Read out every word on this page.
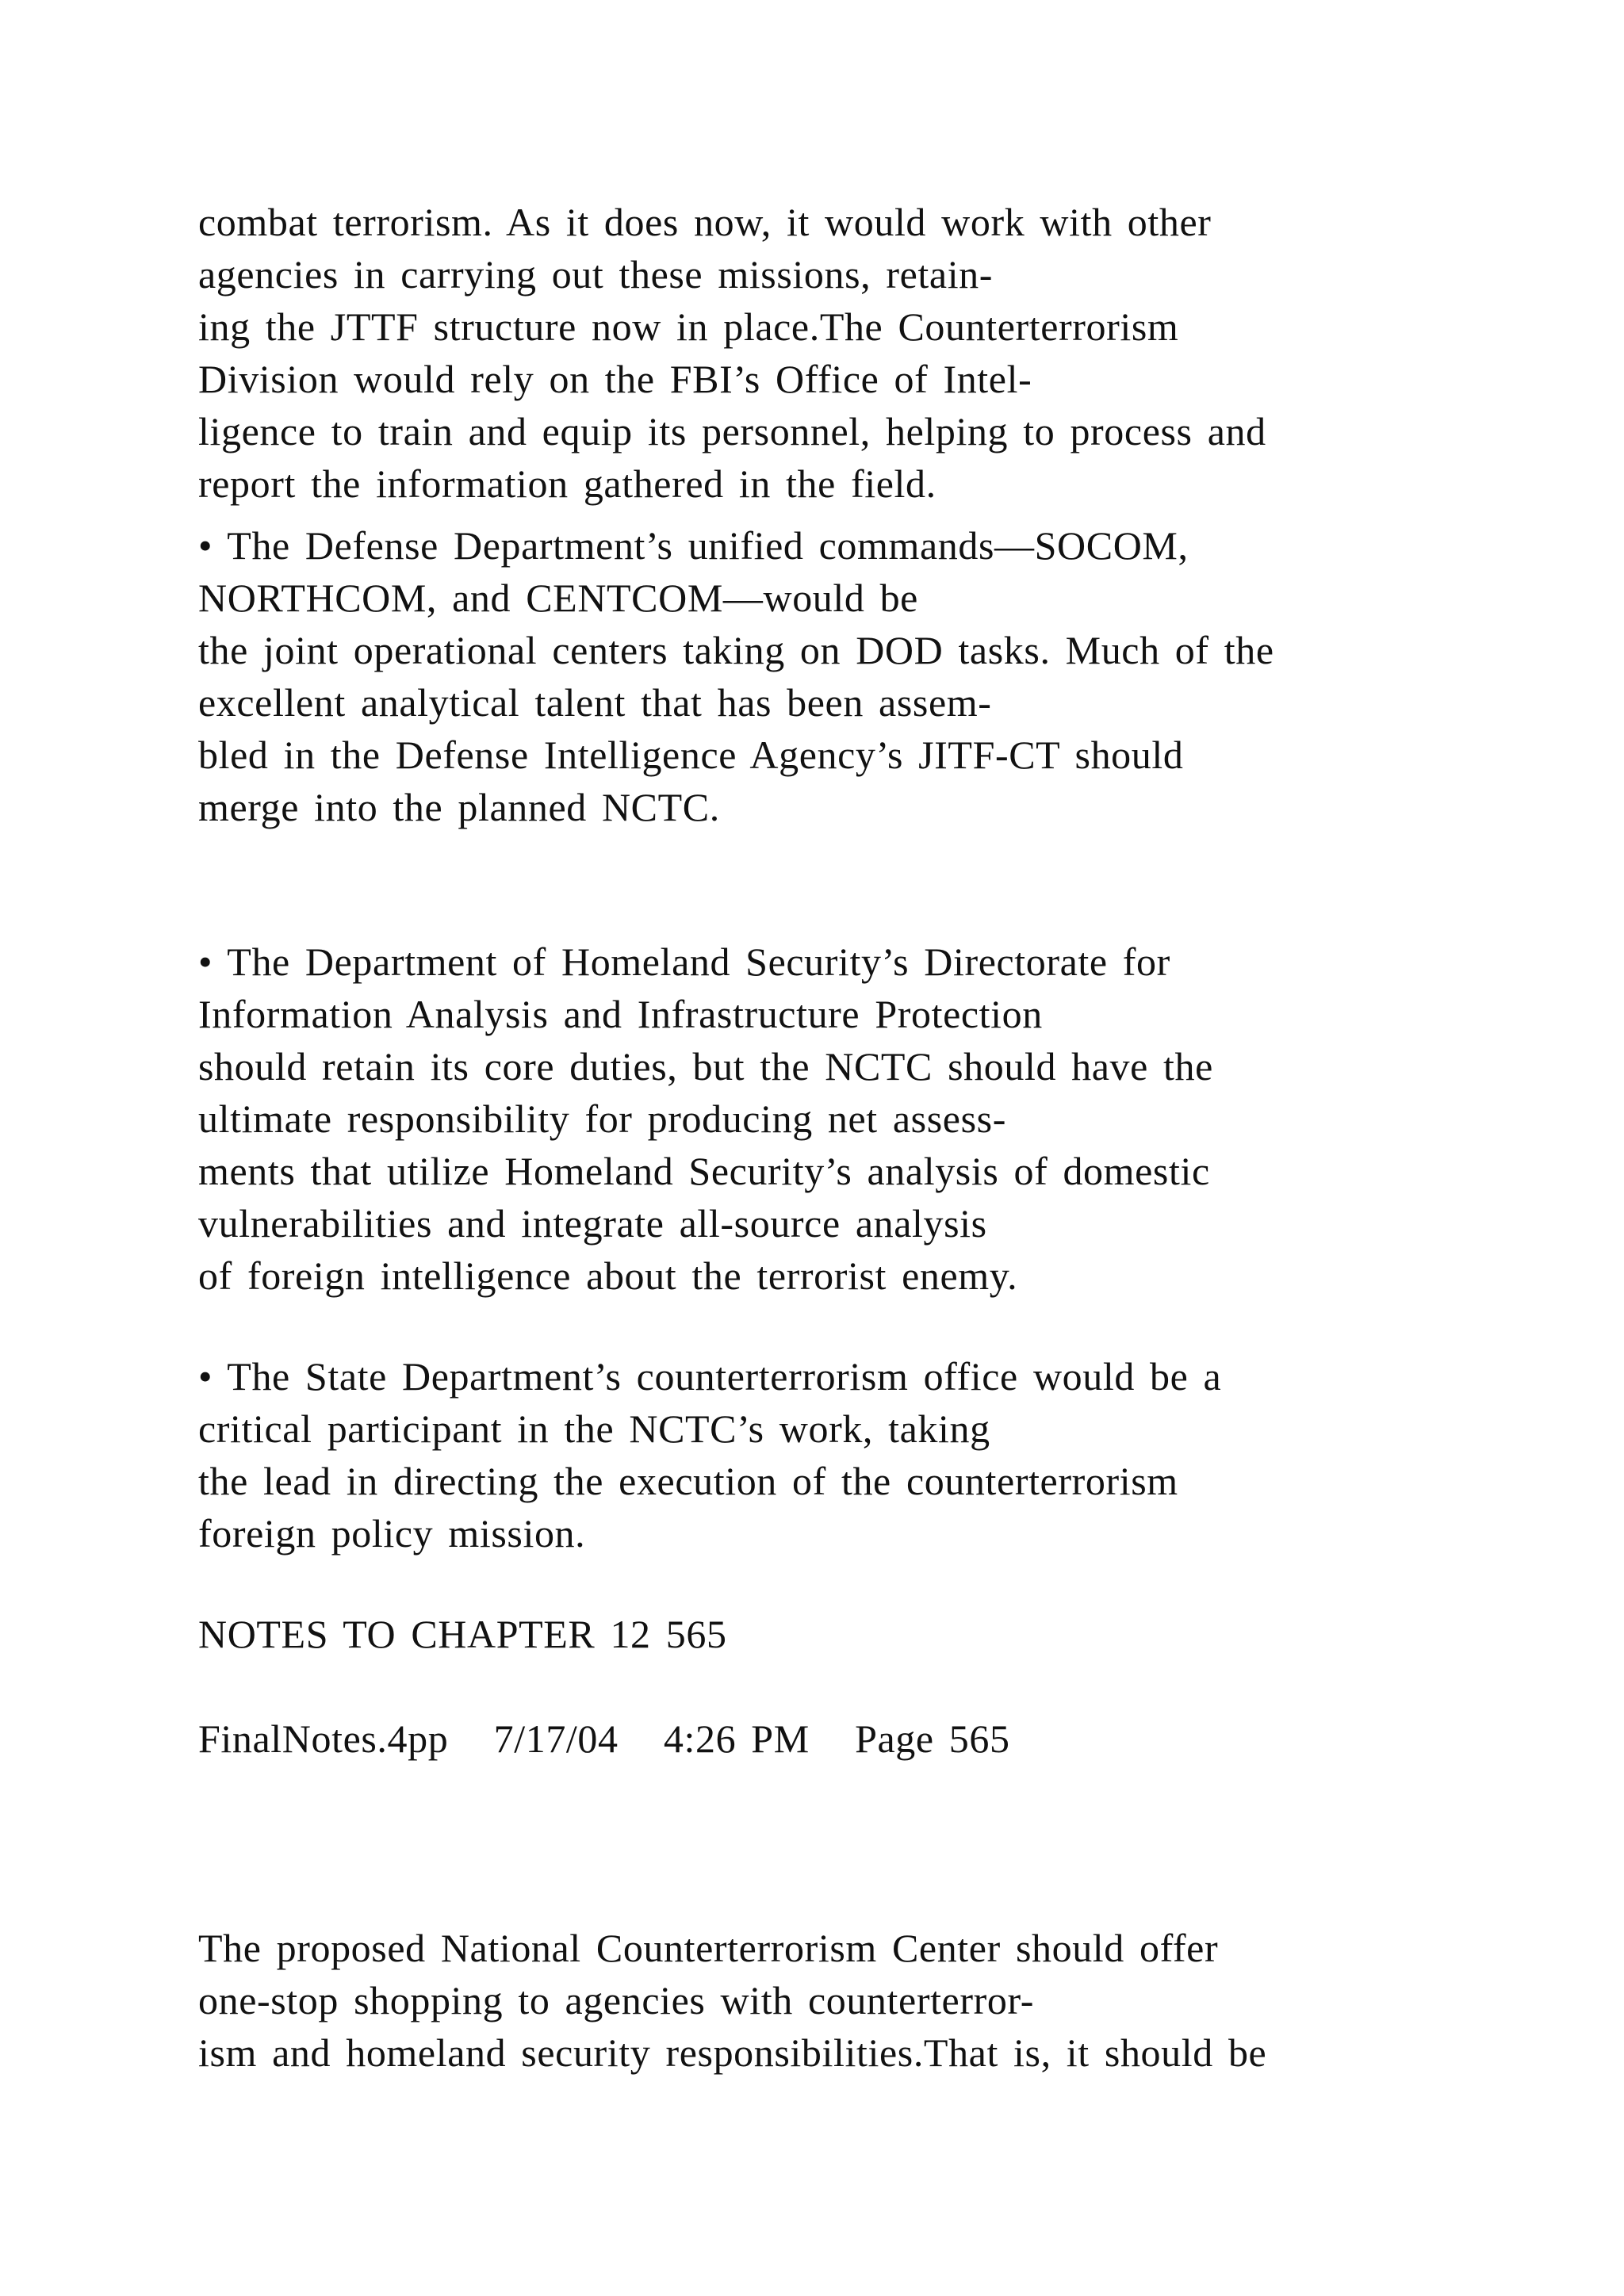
combat terrorism. As it does now, it would work with other
agencies in carrying out these missions, retain-
ing the JTTF structure now in place.The Counterterrorism
Division would rely on the FBI’s Office of Intel-
ligence to train and equip its personnel, helping to process and
report the information gathered in the field.
• The Defense Department’s unified commands—SOCOM,
NORTHCOM, and CENTCOM—would be
the joint operational centers taking on DOD tasks. Much of the
excellent analytical talent that has been assem-
bled in the Defense Intelligence Agency’s JITF-CT should
merge into the planned NCTC.
• The Department of Homeland Security’s Directorate for
Information Analysis and Infrastructure Protection
should retain its core duties, but the NCTC should have the
ultimate responsibility for producing net assess-
ments that utilize Homeland Security’s analysis of domestic
vulnerabilities and integrate all-source analysis
of foreign intelligence about the terrorist enemy.
• The State Department’s counterterrorism office would be a
critical participant in the NCTC’s work, taking
the lead in directing the execution of the counterterrorism
foreign policy mission.
NOTES TO CHAPTER 12 565
FinalNotes.4pp   7/17/04   4:26 PM   Page 565
The proposed National Counterterrorism Center should offer
one-stop shopping to agencies with counterterror-
ism and homeland security responsibilities.That is, it should be
